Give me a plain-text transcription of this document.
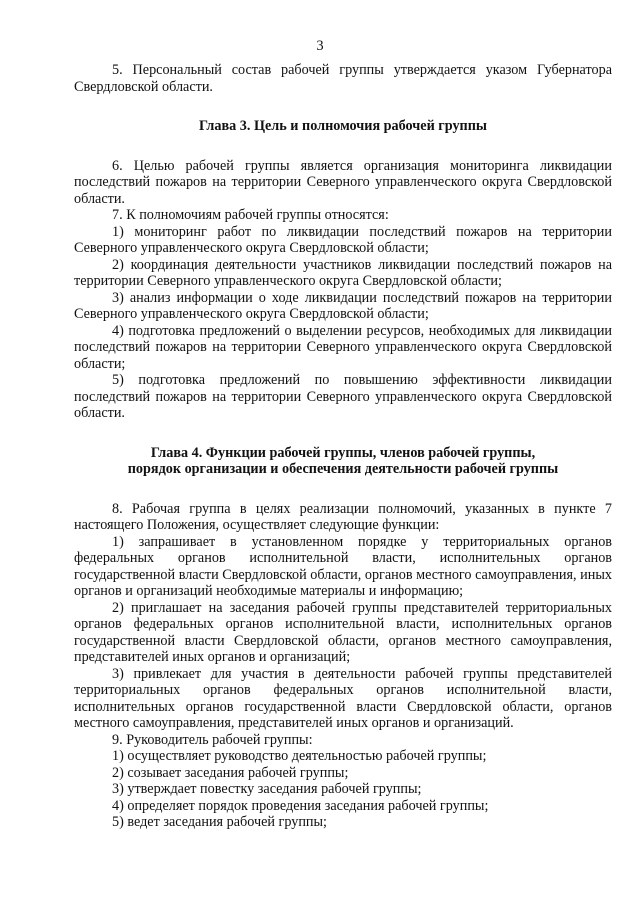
3

5. Персональный состав рабочей группы утверждается указом Губернатора Свердловской области.

Глава 3. Цель и полномочия рабочей группы

6. Целью рабочей группы является организация мониторинга ликвидации последствий пожаров на территории Северного управленческого округа Свердловской области.

7. К полномочиям рабочей группы относятся:

1) мониторинг работ по ликвидации последствий пожаров на территории Северного управленческого округа Свердловской области;

2) координация деятельности участников ликвидации последствий пожаров на территории Северного управленческого округа Свердловской области;

3) анализ информации о ходе ликвидации последствий пожаров на территории Северного управленческого округа Свердловской области;

4) подготовка предложений о выделении ресурсов, необходимых для ликвидации последствий пожаров на территории Северного управленческого округа Свердловской области;

5) подготовка предложений по повышению эффективности ликвидации последствий пожаров на территории Северного управленческого округа Свердловской области.

Глава 4. Функции рабочей группы, членов рабочей группы,

порядок организации и обеспечения деятельности рабочей группы

8. Рабочая группа в целях реализации полномочий, указанных в пункте 7 настоящего Положения, осуществляет следующие функции:

1) запрашивает в установленном порядке у территориальных органов федеральных органов исполнительной власти, исполнительных органов государственной власти Свердловской области, органов местного самоуправления, иных органов и организаций необходимые материалы и информацию;

2) приглашает на заседания рабочей группы представителей территориальных органов федеральных органов исполнительной власти, исполнительных органов государственной власти Свердловской области, органов местного самоуправления, представителей иных органов и организаций;

3) привлекает для участия в деятельности рабочей группы представителей территориальных органов федеральных органов исполнительной власти, исполнительных органов государственной власти Свердловской области, органов местного самоуправления, представителей иных органов и организаций.

9. Руководитель рабочей группы:

1) осуществляет руководство деятельностью рабочей группы;

2) созывает заседания рабочей группы;

3) утверждает повестку заседания рабочей группы;

4) определяет порядок проведения заседания рабочей группы;

5) ведет заседания рабочей группы;
